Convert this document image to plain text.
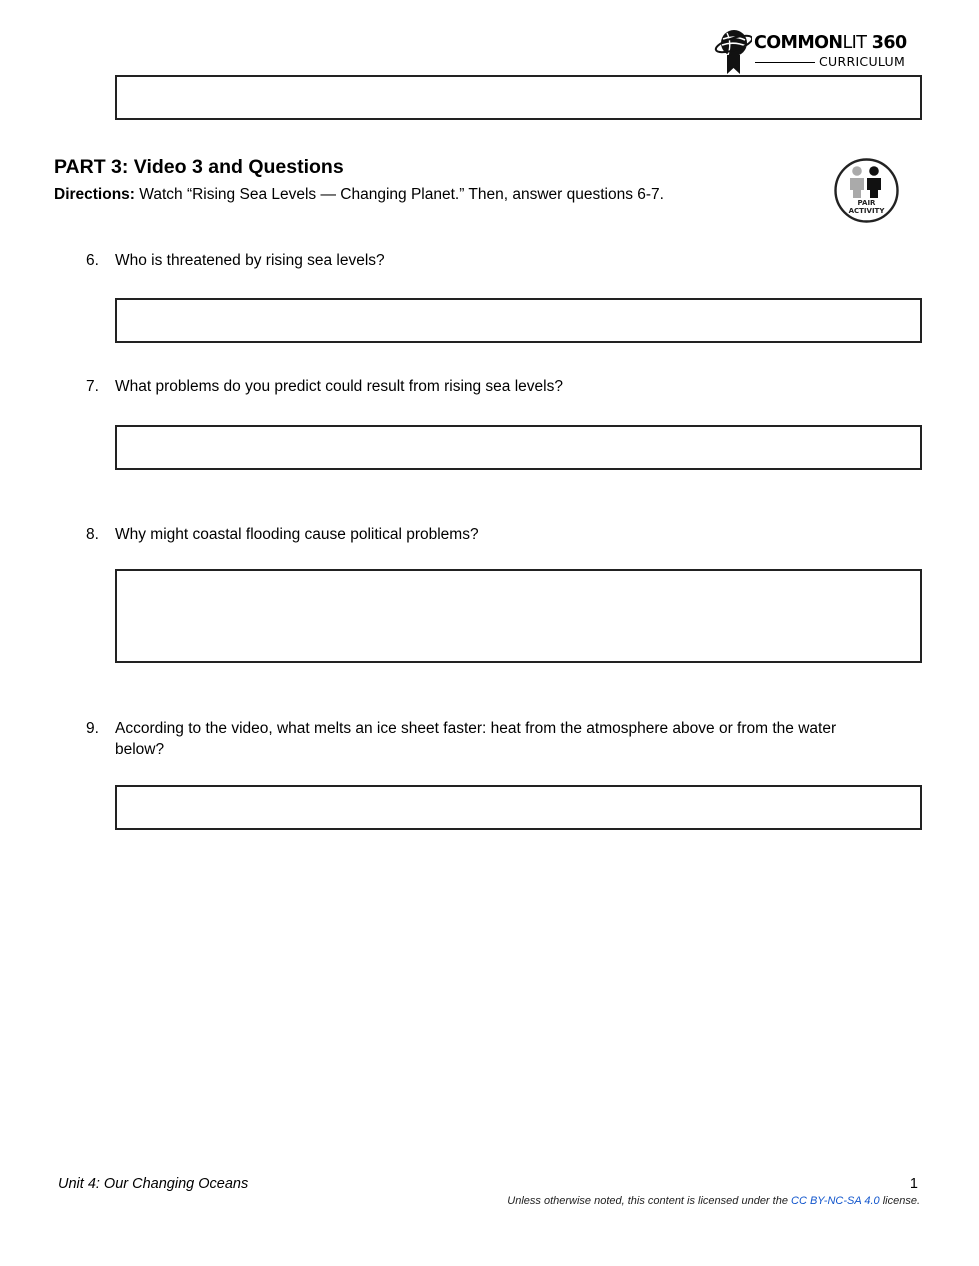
COMMONLIT 360
CURRICULUM
PART 3: Video 3 and Questions
Directions: Watch “Rising Sea Levels — Changing Planet.” Then, answer questions 6-7.	PAIR
ACTIVITY
6.	Who is threatened by rising sea levels?
7.	What problems do you predict could result from rising sea levels?
8.	Why might coastal flooding cause political problems?
9.	According to the video, what melts an ice sheet faster: heat from the atmosphere above or from the water below?
Unit 4: Our Changing Oceans	1
Unless otherwise noted, this content is licensed under the CC BY-NC-SA 4.0 license.
